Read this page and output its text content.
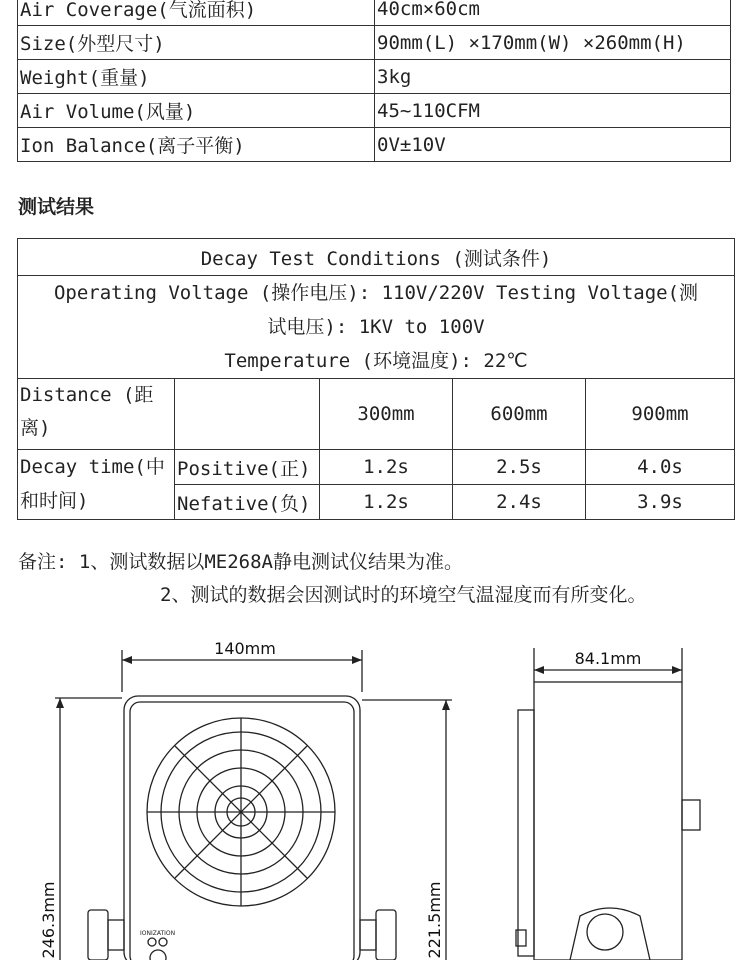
Air Coverage(气流面积)	40cm×60cm
Size(外型尺寸)	90mm(L) ×170mm(W) ×260mm(H)
Weight(重量)	3kg
Air Volume(风量)	45~110CFM
Ion Balance(离子平衡)	0V±10V
测试结果
Decay Test Conditions (测试条件)				

Operating Voltage (操作电压): 110V/220V Testing Voltage(测
试电压): 1KV to 100V
Temperature (环境温度): 22℃				

Distance (距离)		300mm	600mm	900mm
Decay time(中和时间)	Positive(正)	1.2s	2.5s	4.0s
	Nefative(负)	1.2s	2.4s	3.9s
备注: 1、测试数据以ME268A静电测试仪结果为准。
2、测试的数据会因测试时的环境空气温湿度而有所变化。
140mm
84.1mm
246.3mm	221.5mm
IONIZATION
